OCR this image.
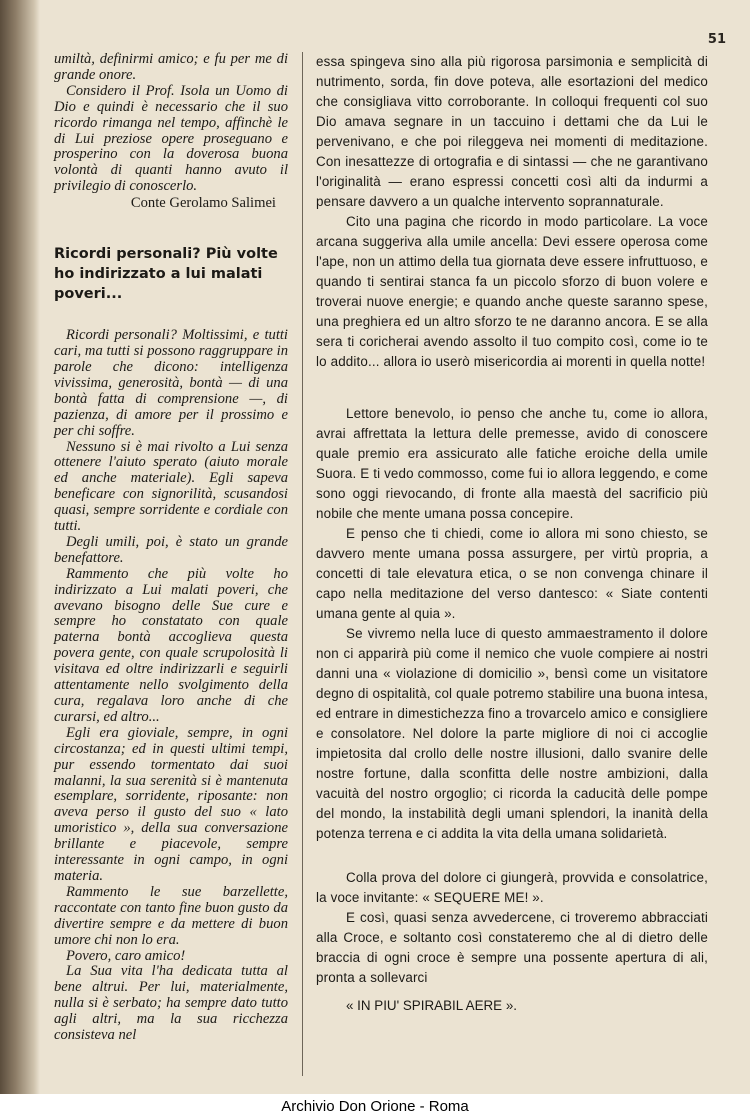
51

umiltà, definirmi amico; e fu per me di grande onore.

Considero il Prof. Isola un Uomo di Dio e quindi è necessario che il suo ricordo rimanga nel tempo, affinchè le di Lui preziose opere proseguano e prosperino con la doverosa buona volontà di quanti hanno avuto il privilegio di conoscerlo.

Conte Gerolamo Salimei

Ricordi personali? Più volte ho indirizzato a lui malati poveri...

Ricordi personali? Moltissimi, e tutti cari, ma tutti si possono raggruppare in parole che dicono: intelligenza vivissima, generosità, bontà — di una bontà fatta di comprensione —, di pazienza, di amore per il prossimo e per chi soffre.

Nessuno si è mai rivolto a Lui senza ottenere l'aiuto sperato (aiuto morale ed anche materiale). Egli sapeva beneficare con signorilità, scusandosi quasi, sempre sorridente e cordiale con tutti.

Degli umili, poi, è stato un grande benefattore.

Rammento che più volte ho indirizzato a Lui malati poveri, che avevano bisogno delle Sue cure e sempre ho constatato con quale paterna bontà accoglieva questa povera gente, con quale scrupolosità li visitava ed oltre indirizzarli e seguirli attentamente nello svolgimento della cura, regalava loro anche di che curarsi, ed altro...

Egli era gioviale, sempre, in ogni circostanza; ed in questi ultimi tempi, pur essendo tormentato dai suoi malanni, la sua serenità si è mantenuta esemplare, sorridente, riposante: non aveva perso il gusto del suo « lato umoristico », della sua conversazione brillante e piacevole, sempre interessante in ogni campo, in ogni materia.

Rammento le sue barzellette, raccontate con tanto fine buon gusto da divertire sempre e da mettere di buon umore chi non lo era.

Povero, caro amico!

La Sua vita l'ha dedicata tutta al bene altrui. Per lui, materialmente, nulla si è serbato; ha sempre dato tutto agli altri, ma la sua ricchezza consisteva nel

essa spingeva sino alla più rigorosa parsimonia e semplicità di nutrimento, sorda, fin dove poteva, alle esortazioni del medico che consigliava vitto corroborante. In colloqui frequenti col suo Dio amava segnare in un taccuino i dettami che da Lui le pervenivano, e che poi rileggeva nei momenti di meditazione. Con inesattezze di ortografia e di sintassi — che ne garantivano l'originalità — erano espressi concetti così alti da indurmi a pensare davvero a un qualche intervento soprannaturale.

Cito una pagina che ricordo in modo particolare. La voce arcana suggeriva alla umile ancella: Devi essere operosa come l'ape, non un attimo della tua giornata deve essere infruttuoso, e quando ti sentirai stanca fa un piccolo sforzo di buon volere e troverai nuove energie; e quando anche queste saranno spese, una preghiera ed un altro sforzo te ne daranno ancora. E se alla sera ti coricherai avendo assolto il tuo compito così, come io te lo addito... allora io userò misericordia ai morenti in quella notte!

Lettore benevolo, io penso che anche tu, come io allora, avrai affrettata la lettura delle premesse, avido di conoscere quale premio era assicurato alle fatiche eroiche della umile Suora. E ti vedo commosso, come fui io allora leggendo, e come sono oggi rievocando, di fronte alla maestà del sacrificio più nobile che mente umana possa concepire.

E penso che ti chiedi, come io allora mi sono chiesto, se davvero mente umana possa assurgere, per virtù propria, a concetti di tale elevatura etica, o se non convenga chinare il capo nella meditazione del verso dantesco: « Siate contenti umana gente al quia ».

Se vivremo nella luce di questo ammaestramento il dolore non ci apparirà più come il nemico che vuole compiere ai nostri danni una « violazione di domicilio », bensì come un visitatore degno di ospitalità, col quale potremo stabilire una buona intesa, ed entrare in dimestichezza fino a trovarcelo amico e consigliere e consolatore. Nel dolore la parte migliore di noi ci accoglie impietosita dal crollo delle nostre illusioni, dallo svanire delle nostre fortune, dalla sconfitta delle nostre ambizioni, dalla vacuità del nostro orgoglio; ci ricorda la caducità delle pompe del mondo, la instabilità degli umani splendori, la inanità della potenza terrena e ci addita la vita della umana solidarietà.

Colla prova del dolore ci giungerà, provvida e consolatrice, la voce invitante: « SEQUERE ME! ».

E così, quasi senza avvedercene, ci troveremo abbracciati alla Croce, e soltanto così constateremo che al di dietro delle braccia di ogni croce è sempre una possente apertura di ali, pronta a sollevarci

« IN PIU' SPIRABIL AERE ».

Archivio Don Orione - Roma
